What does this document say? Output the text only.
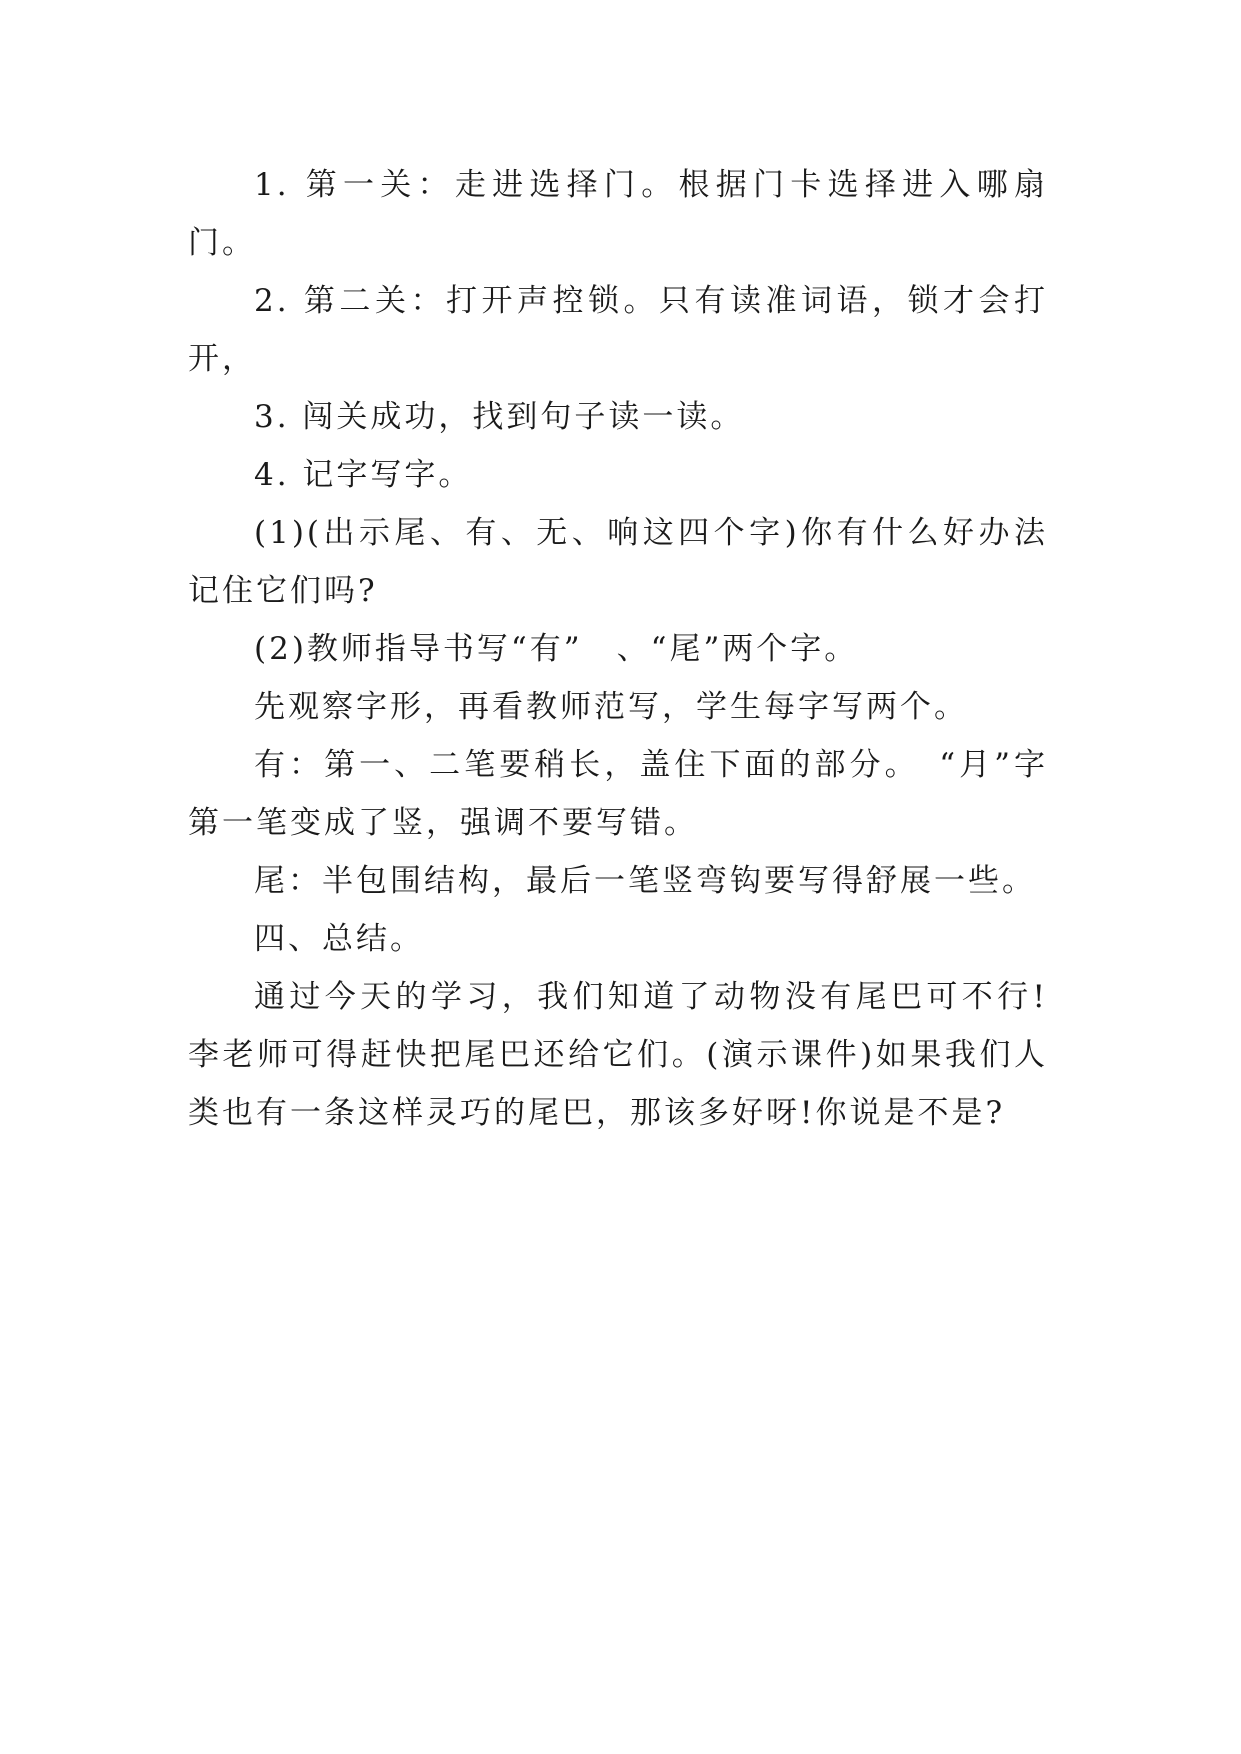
1. 第一关：走进选择门。根据门卡选择进入哪扇门。

2. 第二关：打开声控锁。只有读准词语，锁才会打开，

3. 闯关成功，找到句子读一读。

4. 记字写字。

(1)(出示尾、有、无、响这四个字)你有什么好办法记住它们吗?

(2)教师指导书写“有”　、“尾”两个字。

先观察字形，再看教师范写，学生每字写两个。

有：第一、二笔要稍长，盖住下面的部分。　“月”字第一笔变成了竖，强调不要写错。

尾：半包围结构，最后一笔竖弯钩要写得舒展一些。

四、总结。

通过今天的学习，我们知道了动物没有尾巴可不行!李老师可得赶快把尾巴还给它们。(演示课件)如果我们人类也有一条这样灵巧的尾巴，那该多好呀!你说是不是?
